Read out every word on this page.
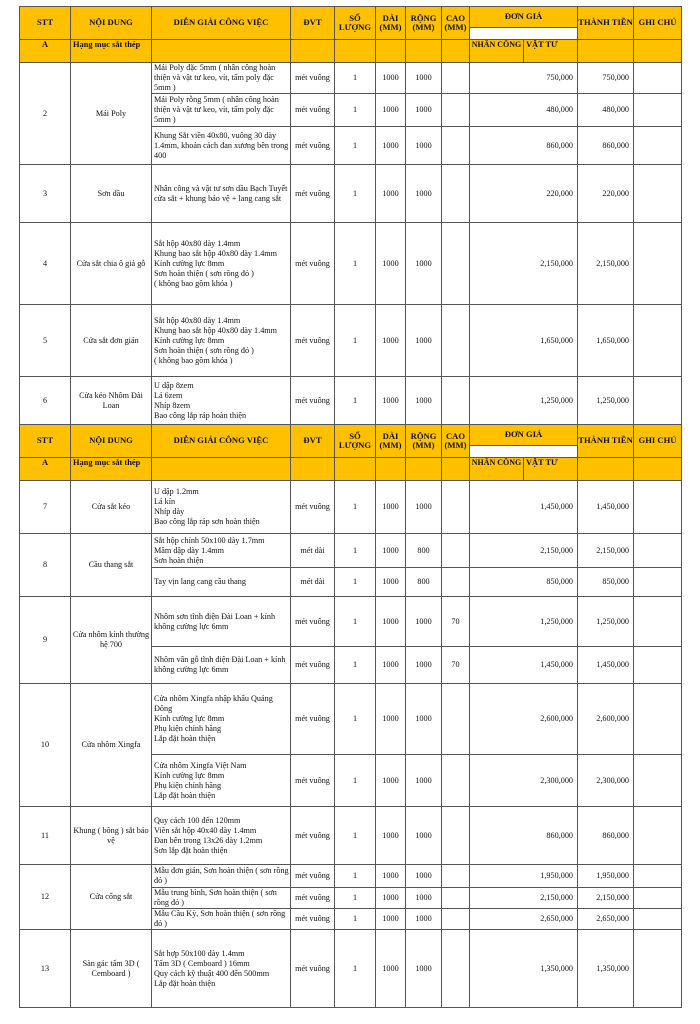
STT	NỘI DUNG	DIỄN GIẢI CÔNG VIỆC	ĐVT	SỐ LƯỢNG	DÀI (MM)	RỘNG (MM)	CAO (MM)	ĐƠN GIÁ		THÀNH TIỀN	GHI CHÚ

A	Hạng mục sắt thép							NHÂN CÔNG	VẬT TƯ		
2	Mái Poly	Mái Poly đặc 5mm ( nhân công hoàn thiện và vật tư keo, vít, tấm poly đặc 5mm )	mét vuông	1	1000	1000		750,000		750,000	
		Mái Poly rỗng 5mm ( nhân công hoàn thiện và vật tư keo, vít, tấm poly đặc 5mm )	mét vuông	1	1000	1000		480,000		480,000	
		Khung Sắt viền 40x80, vuông 30 dày 1.4mm, khoản cách đan xương bên trong 400	mét vuông	1	1000	1000		860,000		860,000	
3	Sơn dầu	Nhân công và vật tư sơn dầu Bạch Tuyết cửa sắt + khung bảo vệ + lang cang sắt	mét vuông	1	1000	1000		220,000		220,000	
4	Cửa sắt chia ô giả gỗ	Sắt hộp 40x80 dày 1.4mm
Khung bao sắt hộp 40x80 dày 1.4mm
Kính cường lực 8mm
Sơn hoàn thiện ( sơn rồng đỏ )
( không bao gồm khóa )	mét vuông	1	1000	1000		2,150,000		2,150,000	
5	Cửa sắt đơn giản	Sắt hộp 40x80 dày 1.4mm
Khung bao sắt hộp 40x80 dày 1.4mm
Kính cường lực 8mm
Sơn hoàn thiện ( sơn rồng đỏ )
( không bao gồm khóa )	mét vuông	1	1000	1000		1,650,000		1,650,000	
6	Cửa kéo Nhôm Đài Loan	U dập 8zem
Lá 6zem
Nhíp 8zem
Bao công lắp ráp hoàn thiện	mét vuông	1	1000	1000		1,250,000		1,250,000	
STT	NỘI DUNG	DIỄN GIẢI CÔNG VIỆC	ĐVT	SỐ LƯỢNG	DÀI (MM)	RỘNG (MM)	CAO (MM)	ĐƠN GIÁ		THÀNH TIỀN	GHI CHÚ

A	Hạng mục sắt thép							NHÂN CÔNG	VẬT TƯ		
7	Cửa sắt kéo	U dập 1.2mm
Lá kín
Nhíp dày
Bao công lắp ráp sơn hoàn thiện	mét vuông	1	1000	1000		1,450,000		1,450,000	
8	Cầu thang sắt	Sắt hộp chính 50x100 dày 1.7mm
Mâm dập dày 1.4mm
Sơn hoàn thiện	mét dài	1	1000	800		2,150,000		2,150,000	
		Tay vịn lang cang cầu thang	mét dài	1	1000	800		850,000		850,000	
9	Cửa nhôm kính thường hệ 700	Nhôm sơn tĩnh điện Đài Loan + kính không cường lực 6mm	mét vuông	1	1000	1000	70	1,250,000		1,250,000	
		Nhôm vân gỗ tĩnh điện Đài Loan + kính không cường lực 6mm	mét vuông	1	1000	1000	70	1,450,000		1,450,000	
10	Cửa nhôm Xingfa	Cửa nhôm Xingfa nhập khẩu Quảng Đông
Kính cường lực 8mm
Phụ kiện chính hãng
Lắp đặt hoàn thiện	mét vuông	1	1000	1000		2,600,000		2,600,000	
		Cửa nhôm Xingfa Việt Nam
Kính cường lực 8mm
Phụ kiện chính hãng
Lắp đặt hoàn thiện	mét vuông	1	1000	1000		2,300,000		2,300,000	
11	Khung ( bông ) sắt bảo vệ	Quy cách 100 đến 120mm
Viền sắt hộp 40x40 dày 1.4mm
Đan bên trong 13x26 dày 1.2mm
Sơn lắp đặt hoàn thiện	mét vuông	1	1000	1000		860,000		860,000	
12	Cửa cổng sắt	Mẫu đơn giản, Sơn hoàn thiện ( sơn rồng đỏ )	mét vuông	1	1000	1000		1,950,000		1,950,000	
		Mẫu trung bình, Sơn hoàn thiện ( sơn rồng đỏ )	mét vuông	1	1000	1000		2,150,000		2,150,000	
		Mẫu Cầu Kỳ, Sơn hoàn thiện ( sơn rồng đỏ )	mét vuông	1	1000	1000		2,650,000		2,650,000	
13	Sàn gác tấm 3D ( Cemboard )	Sắt hợp 50x100 dày 1.4mm
Tấm 3D ( Cemboard ) 16mm
Quy cách kỹ thuật 400 đến 500mm
Lắp đặt hoàn thiện	mét vuông	1	1000	1000		1,350,000		1,350,000	
